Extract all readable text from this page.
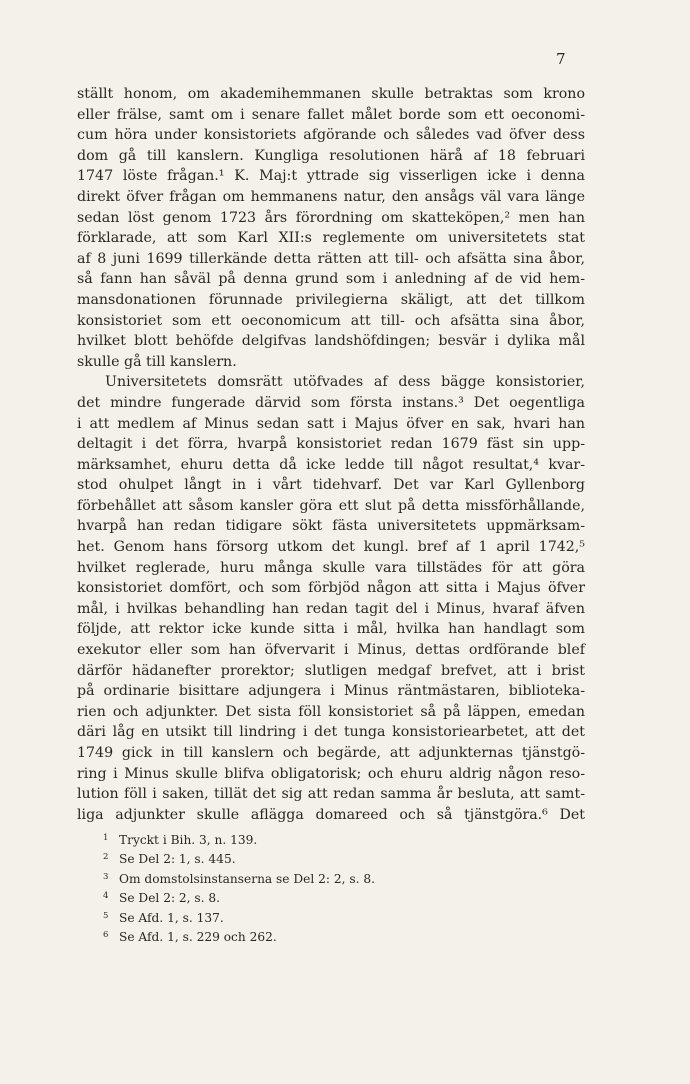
7
ställt honom, om akademihemmanen skulle betraktas som krono
eller frälse, samt om i senare fallet målet borde som ett oeconomi-
cum höra under konsistoriets afgörande och således vad öfver dess
dom gå till kanslern. Kungliga resolutionen härå af 18 februari
1747 löste frågan.¹ K. Maj:t yttrade sig visserligen icke i denna
direkt öfver frågan om hemmanens natur, den ansågs väl vara länge
sedan löst genom 1723 års förordning om skatteköpen,² men han
förklarade, att som Karl XII:s reglemente om universitetets stat
af 8 juni 1699 tillerkände detta rätten att till- och afsätta sina åbor,
så fann han såväl på denna grund som i anledning af de vid hem-
mansdonationen förunnade privilegierna skäligt, att det tillkom
konsistoriet som ett oeconomicum att till- och afsätta sina åbor,
hvilket blott behöfde delgifvas landshöfdingen; besvär i dylika mål
skulle gå till kanslern.
Universitetets domsrätt utöfvades af dess bägge konsistorier,
det mindre fungerade därvid som första instans.³ Det oegentliga
i att medlem af Minus sedan satt i Majus öfver en sak, hvari han
deltagit i det förra, hvarpå konsistoriet redan 1679 fäst sin upp-
märksamhet, ehuru detta då icke ledde till något resultat,⁴ kvar-
stod ohulpet långt in i vårt tidehvarf. Det var Karl Gyllenborg
förbehållet att såsom kansler göra ett slut på detta missförhållande,
hvarpå han redan tidigare sökt fästa universitetets uppmärksam-
het. Genom hans försorg utkom det kungl. bref af 1 april 1742,⁵
hvilket reglerade, huru många skulle vara tillstädes för att göra
konsistoriet domfört, och som förbjöd någon att sitta i Majus öfver
mål, i hvilkas behandling han redan tagit del i Minus, hvaraf äfven
följde, att rektor icke kunde sitta i mål, hvilka han handlagt som
exekutor eller som han öfvervarit i Minus, dettas ordförande blef
därför hädanefter prorektor; slutligen medgaf brefvet, att i brist
på ordinarie bisittare adjungera i Minus räntmästaren, biblioteka-
rien och adjunkter. Det sista föll konsistoriet så på läppen, emedan
däri låg en utsikt till lindring i det tunga konsistoriearbetet, att det
1749 gick in till kanslern och begärde, att adjunkternas tjänstgö-
ring i Minus skulle blifva obligatorisk; och ehuru aldrig någon reso-
lution föll i saken, tillät det sig att redan samma år besluta, att samt-
liga adjunkter skulle aflägga domareed och så tjänstgöra.⁶ Det
1 Tryckt i Bih. 3, n. 139.
2 Se Del 2: 1, s. 445.
3 Om domstolsinstanserna se Del 2: 2, s. 8.
4 Se Del 2: 2, s. 8.
5 Se Afd. 1, s. 137.
6 Se Afd. 1, s. 229 och 262.
